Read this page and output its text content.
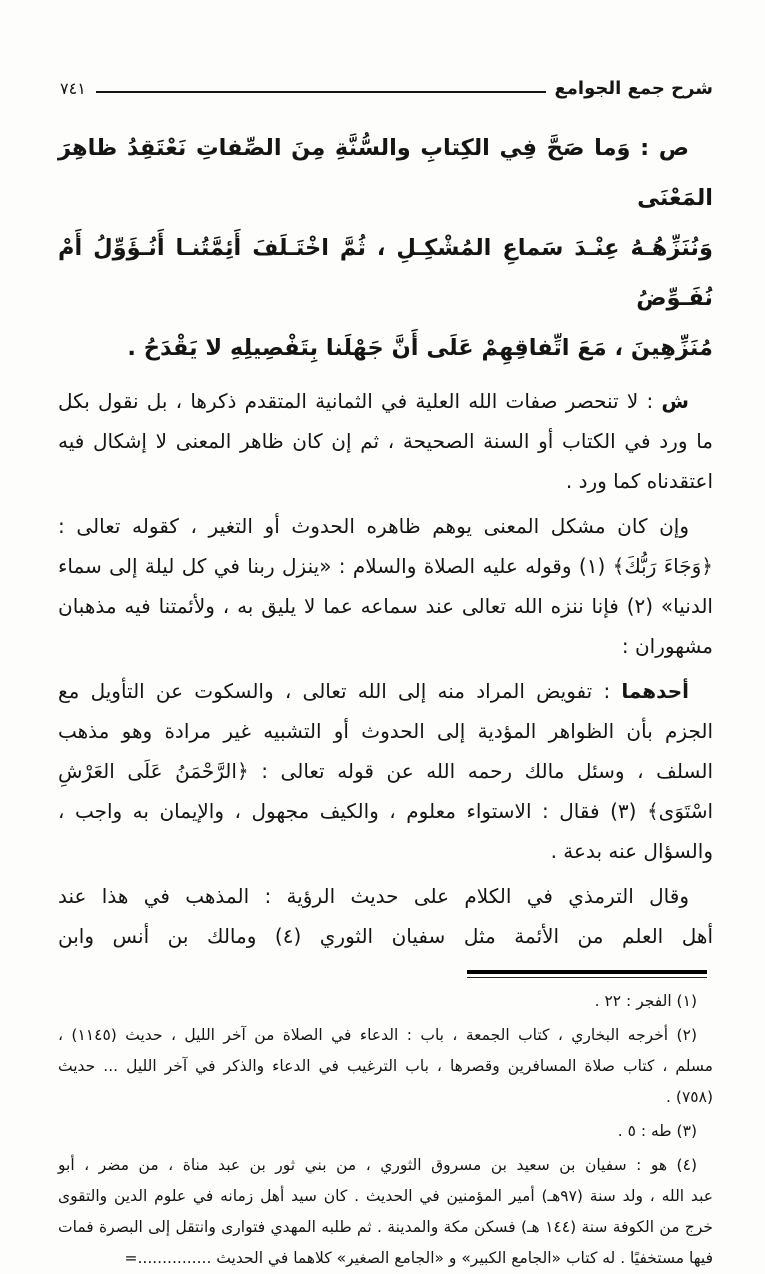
شرح جمع الجوامع
٧٤١
ص : وَما صَحَّ فِي الكِتابِ والسُّنَّةِ مِنَ الصِّفاتِ نَعْتَقِدُ ظاهِرَ المَعْنَى
وَنُنَزِّهُـهُ عِنْـدَ سَماعِ المُشْكِـلِ ، ثُمَّ اخْتَـلَفَ أَئِمَّتُنـا أَنُـؤَوِّلُ أَمْ نُفَـوِّضُ
مُنَزِّهِينَ ، مَعَ اتِّفاقِهِمْ عَلَى أَنَّ جَهْلَنا بِتَفْصِيلِهِ لا يَقْدَحُ .
ش : لا تنحصر صفات الله العلية في الثمانية المتقدم ذكرها ، بل نقول بكل
ما ورد في الكتاب أو السنة الصحيحة ، ثم إن كان ظاهر المعنى لا إشكال فيه
اعتقدناه كما ورد .
وإن كان مشكل المعنى يوهم ظاهره الحدوث أو التغير ، كقوله تعالى :
﴿وَجَاءَ رَبُّكَ﴾ (١) وقوله عليه الصلاة والسلام : «ينزل ربنا في كل ليلة إلى سماء
الدنيا» (٢) فإنا ننزه الله تعالى عند سماعه عما لا يليق به ، ولأئمتنا فيه مذهبان
مشهوران :
أحدهما : تفويض المراد منه إلى الله تعالى ، والسكوت عن التأويل مع
الجزم بأن الظواهر المؤدية إلى الحدوث أو التشبيه غير مرادة وهو مذهب
السلف ، وسئل مالك رحمه الله عن قوله تعالى : ﴿الرَّحْمَنُ عَلَى العَرْشِ
اسْتَوَى﴾ (٣) فقال : الاستواء معلوم ، والكيف مجهول ، والإيمان به واجب ،
والسؤال عنه بدعة .
وقال الترمذي في الكلام على حديث الرؤية : المذهب في هذا عند
أهل العلم من الأئمة مثل سفيان الثوري (٤) ومالك بن أنس وابن
(١) الفجر : ٢٢ .
(٢) أخرجه البخاري ، كتاب الجمعة ، باب : الدعاء في الصلاة من آخر الليل ، حديث (١١٤٥) ،
مسلم ، كتاب صلاة المسافرين وقصرها ، باب الترغيب في الدعاء والذكر في آخر الليل ... حديث
(٧٥٨) .
(٣) طه : ٥ .
(٤) هو : سفيان بن سعيد بن مسروق الثوري ، من بني ثور بن عبد مناة ، من مضر ، أبو
عبد الله ، ولد سنة (٩٧هـ) أمير المؤمنين في الحديث . كان سيد أهل زمانه في علوم الدين والتقوى
خرج من الكوفة سنة (١٤٤ هـ) فسكن مكة والمدينة . ثم طلبه المهدي فتوارى وانتقل إلى البصرة فمات
فيها مستخفيًا . له كتاب «الجامع الكبير» و «الجامع الصغير» كلاهما في الحديث ...............=
